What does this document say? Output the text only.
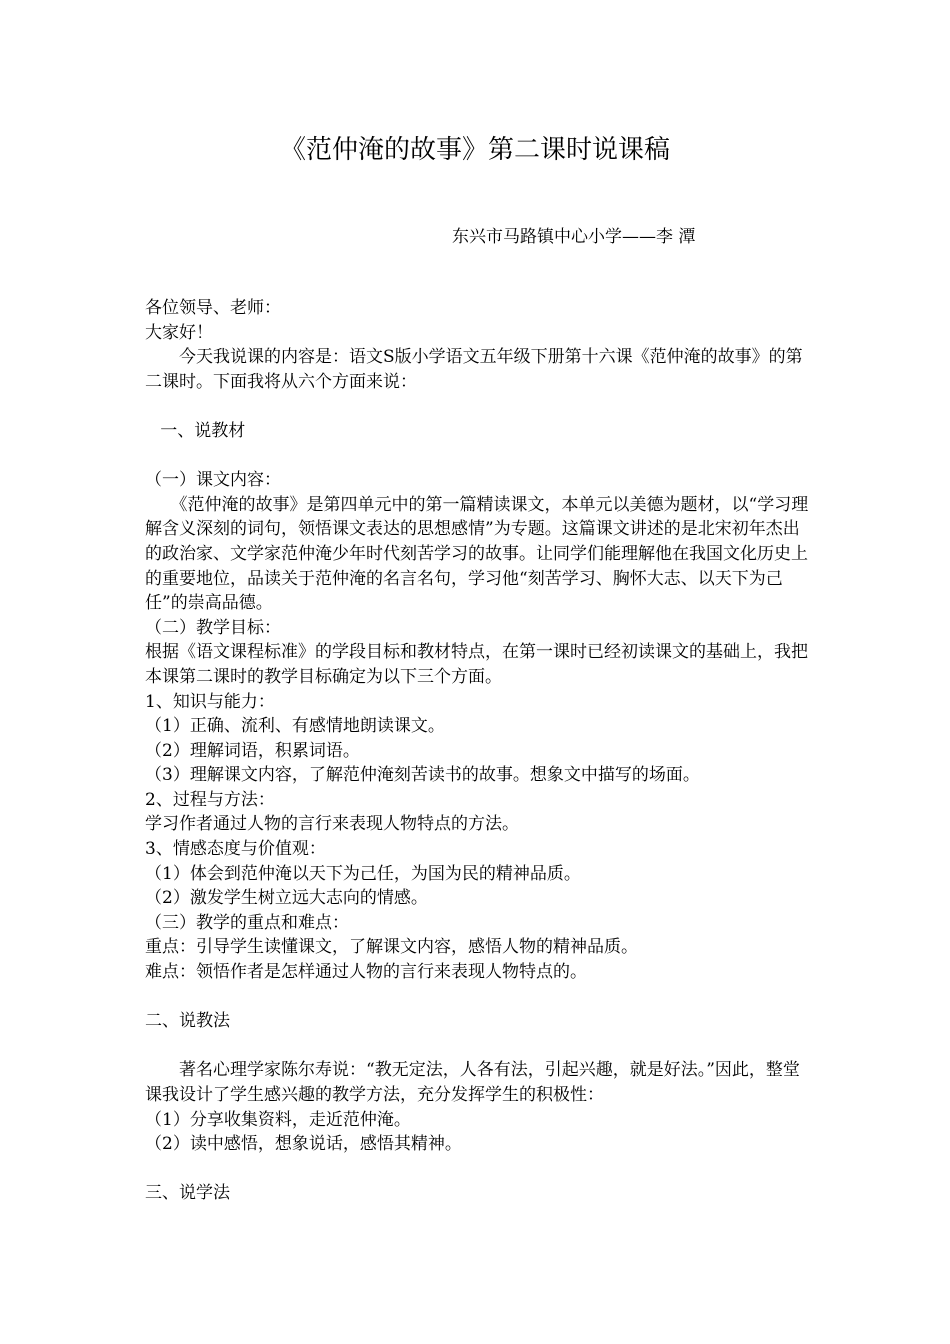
《范仲淹的故事》第二课时说课稿
东兴市马路镇中心小学——李 潭

各位领导、老师：

大家好！

今天我说课的内容是：语文S版小学语文五年级下册第十六课《范仲淹的故事》的第二课时。下面我将从六个方面来说：

一、说教材

（一）课文内容：

《范仲淹的故事》是第四单元中的第一篇精读课文，本单元以美德为题材，以“学习理解含义深刻的词句，领悟课文表达的思想感情”为专题。这篇课文讲述的是北宋初年杰出的政治家、文学家范仲淹少年时代刻苦学习的故事。让同学们能理解他在我国文化历史上的重要地位，品读关于范仲淹的名言名句，学习他“刻苦学习、胸怀大志、以天下为己任”的崇高品德。

（二）教学目标：

根据《语文课程标准》的学段目标和教材特点，在第一课时已经初读课文的基础上，我把本课第二课时的教学目标确定为以下三个方面。

1、知识与能力：

（1）正确、流利、有感情地朗读课文。

（2）理解词语，积累词语。

（3）理解课文内容，了解范仲淹刻苦读书的故事。想象文中描写的场面。

2、过程与方法：

学习作者通过人物的言行来表现人物特点的方法。

3、情感态度与价值观：

（1）体会到范仲淹以天下为己任，为国为民的精神品质。

（2）激发学生树立远大志向的情感。

（三）教学的重点和难点：

重点：引导学生读懂课文，了解课文内容，感悟人物的精神品质。

难点：领悟作者是怎样通过人物的言行来表现人物特点的。

二、说教法

著名心理学家陈尔寿说：“教无定法，人各有法，引起兴趣，就是好法。”因此，整堂课我设计了学生感兴趣的教学方法，充分发挥学生的积极性：

（1）分享收集资料，走近范仲淹。

（2）读中感悟，想象说话，感悟其精神。

三、说学法
